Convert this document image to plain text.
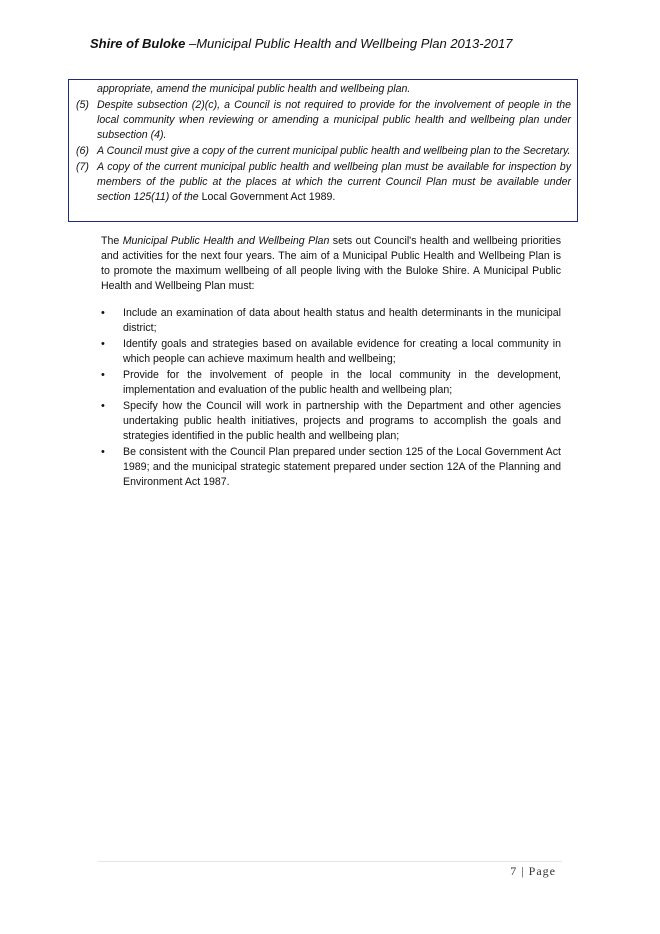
Shire of Buloke –Municipal Public Health and Wellbeing Plan 2013-2017

appropriate, amend the municipal public health and wellbeing plan.

(5) Despite subsection (2)(c), a Council is not required to provide for the involvement of people in the local community when reviewing or amending a municipal public health and wellbeing plan under subsection (4).
(6) A Council must give a copy of the current municipal public health and wellbeing plan to the Secretary.
(7) A copy of the current municipal public health and wellbeing plan must be available for inspection by members of the public at the places at which the current Council Plan must be available under section 125(11) of the Local Government Act 1989.

The Municipal Public Health and Wellbeing Plan sets out Council's health and wellbeing priorities and activities for the next four years. The aim of a Municipal Public Health and Wellbeing Plan is to promote the maximum wellbeing of all people living with the Buloke Shire. A Municipal Public Health and Wellbeing Plan must:

•	Include an examination of data about health status and health determinants in the municipal district;
•	Identify goals and strategies based on available evidence for creating a local community in which people can achieve maximum health and wellbeing;
•	Provide for the involvement of people in the local community in the development, implementation and evaluation of the public health and wellbeing plan;
•	Specify how the Council will work in partnership with the Department and other agencies undertaking public health initiatives, projects and programs to accomplish the goals and strategies identified in the public health and wellbeing plan;
•	Be consistent with the Council Plan prepared under section 125 of the Local Government Act 1989; and the municipal strategic statement prepared under section 12A of the Planning and Environment Act 1987.
7 | Page
